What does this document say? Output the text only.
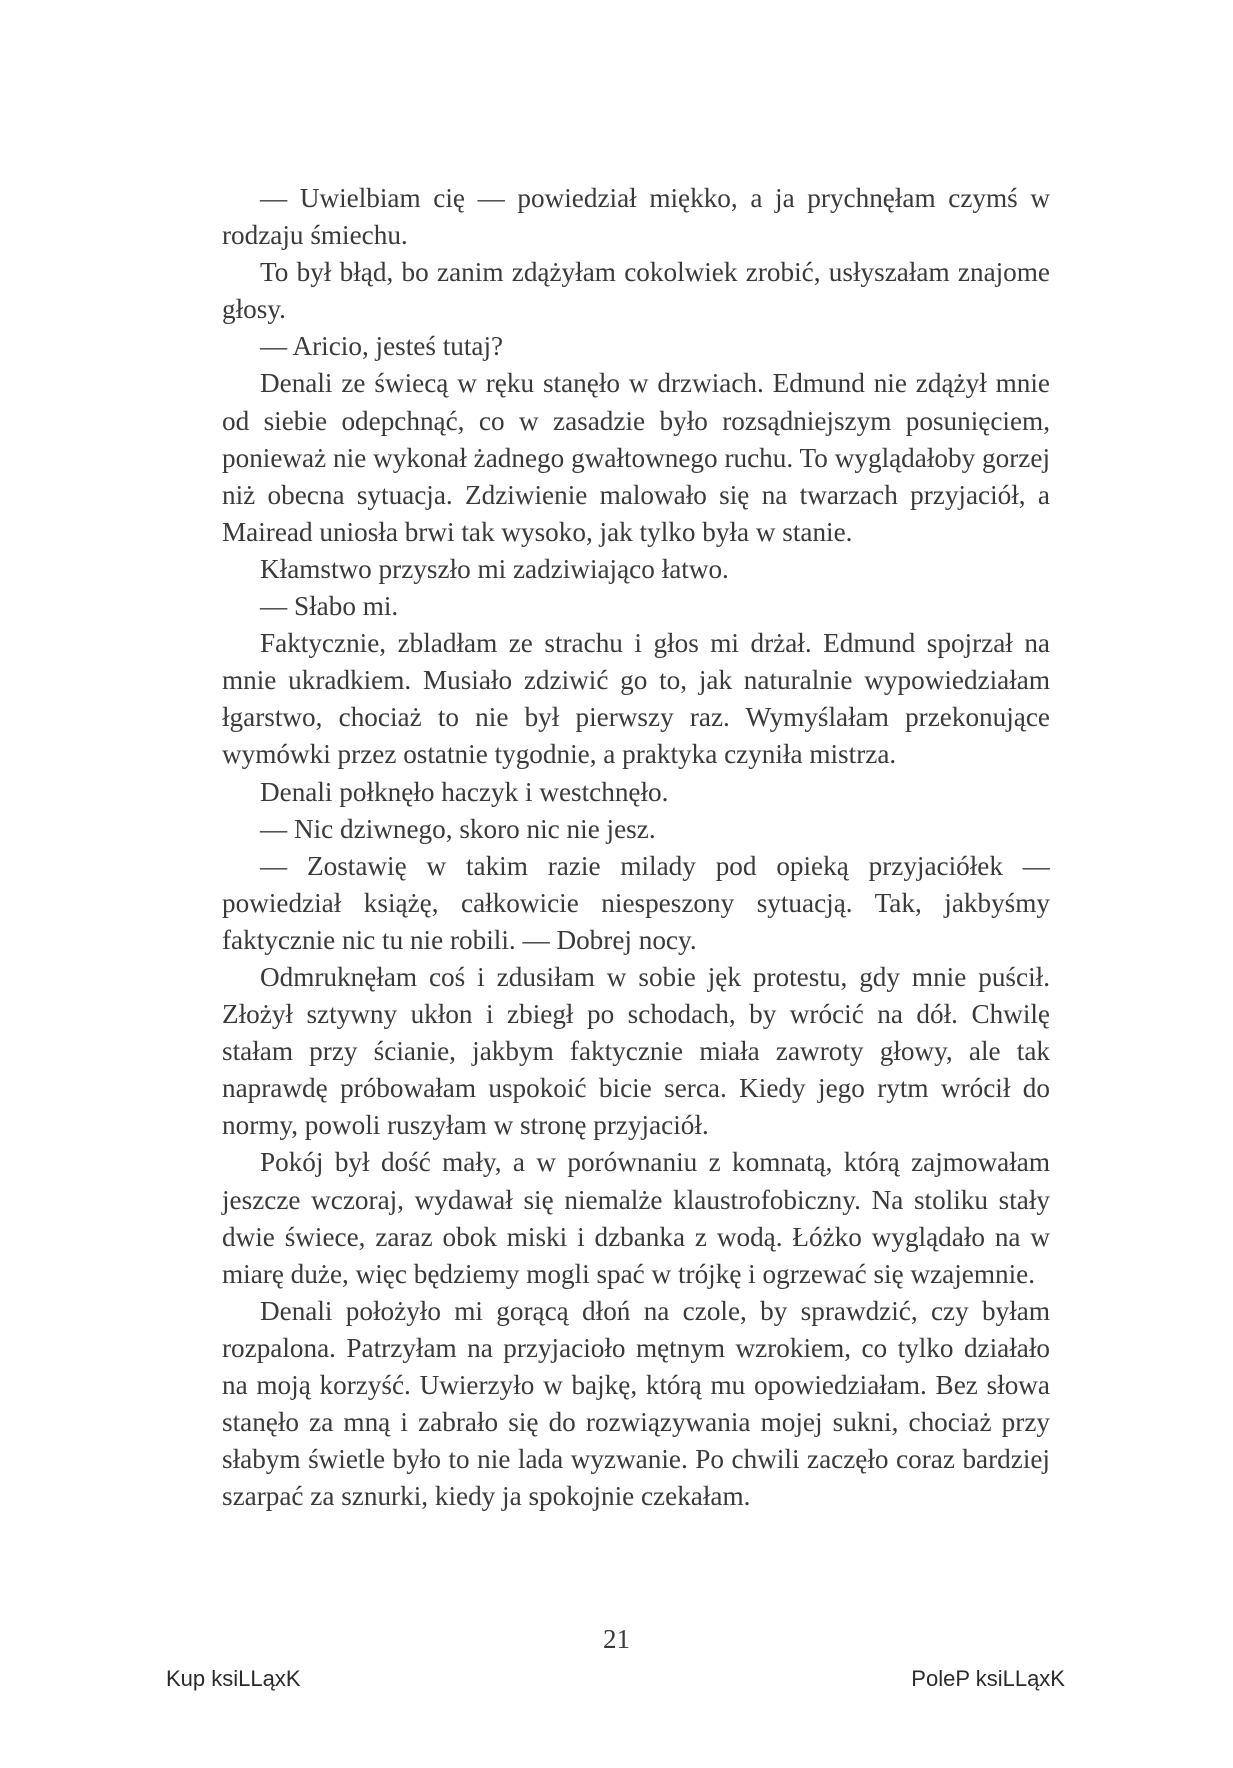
— Uwielbiam cię — powiedział miękko, a ja prychnęłam czymś w rodzaju śmiechu.

To był błąd, bo zanim zdążyłam cokolwiek zrobić, usłyszałam znajome głosy.

— Aricio, jesteś tutaj?

Denali ze świecą w ręku stanęło w drzwiach. Edmund nie zdążył mnie od siebie odepchnąć, co w zasadzie było rozsądniejszym posunięciem, ponieważ nie wykonał żadnego gwałtownego ruchu. To wyglądałoby gorzej niż obecna sytuacja. Zdziwienie malowało się na twarzach przyjaciół, a Mairead uniosła brwi tak wysoko, jak tylko była w stanie.

Kłamstwo przyszło mi zadziwiająco łatwo.

— Słabo mi.

Faktycznie, zbladłam ze strachu i głos mi drżał. Edmund spojrzał na mnie ukradkiem. Musiało zdziwić go to, jak naturalnie wypowiedziałam łgarstwo, chociaż to nie był pierwszy raz. Wymyślałam przekonujące wymówki przez ostatnie tygodnie, a praktyka czyniła mistrza.

Denali połknęło haczyk i westchnęło.

— Nic dziwnego, skoro nic nie jesz.

— Zostawię w takim razie milady pod opieką przyjaciółek — powiedział książę, całkowicie niespeszony sytuacją. Tak, jakbyśmy faktycznie nic tu nie robili. — Dobrej nocy.

Odmruknęłam coś i zdusiłam w sobie jęk protestu, gdy mnie puścił. Złożył sztywny ukłon i zbiegł po schodach, by wrócić na dół. Chwilę stałam przy ścianie, jakbym faktycznie miała zawroty głowy, ale tak naprawdę próbowałam uspokoić bicie serca. Kiedy jego rytm wrócił do normy, powoli ruszyłam w stronę przyjaciół.

Pokój był dość mały, a w porównaniu z komnatą, którą zajmowałam jeszcze wczoraj, wydawał się niemalże klaustrofobiczny. Na stoliku stały dwie świece, zaraz obok miski i dzbanka z wodą. Łóżko wyglądało na w miarę duże, więc będziemy mogli spać w trójkę i ogrzewać się wzajemnie.

Denali położyło mi gorącą dłoń na czole, by sprawdzić, czy byłam rozpalona. Patrzyłam na przyjacioło mętnym wzrokiem, co tylko działało na moją korzyść. Uwierzyło w bajkę, którą mu opowiedziałam. Bez słowa stanęło za mną i zabrało się do rozwiązywania mojej sukni, chociaż przy słabym świetle było to nie lada wyzwanie. Po chwili zaczęło coraz bardziej szarpać za sznurki, kiedy ja spokojnie czekałam.

21
Kup ksiLLąxK	PoleP ksiLLąxK
